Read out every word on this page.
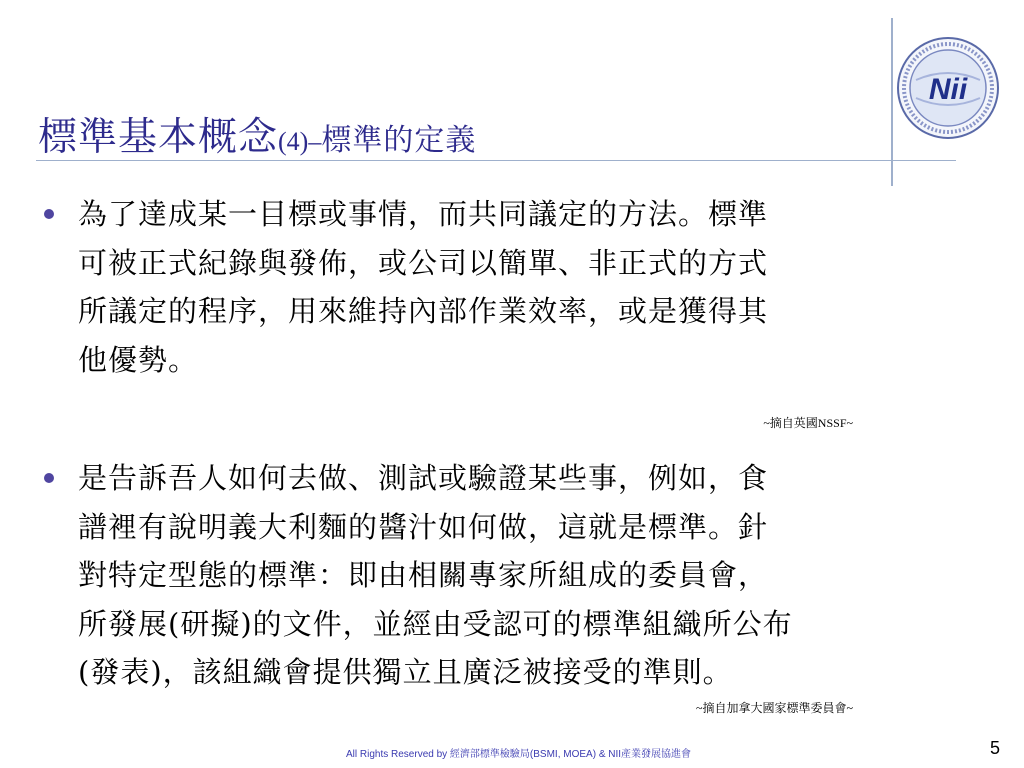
Nii
標準基本概念(4)–標準的定義
為了達成某一目標或事情，而共同議定的方法。標準
可被正式紀錄與發佈，或公司以簡單、非正式的方式
所議定的程序，用來維持內部作業效率，或是獲得其
他優勢。
~摘自英國NSSF~
是告訴吾人如何去做、測試或驗證某些事，例如，食
譜裡有說明義大利麵的醬汁如何做，這就是標準。針
對特定型態的標準：即由相關專家所組成的委員會，
所發展(研擬)的文件，並經由受認可的標準組織所公布
(發表)，該組織會提供獨立且廣泛被接受的準則。
~摘自加拿大國家標準委員會~
All Rights Reserved by 經濟部標準檢驗局(BSMI, MOEA) & NII產業發展協進會	5
